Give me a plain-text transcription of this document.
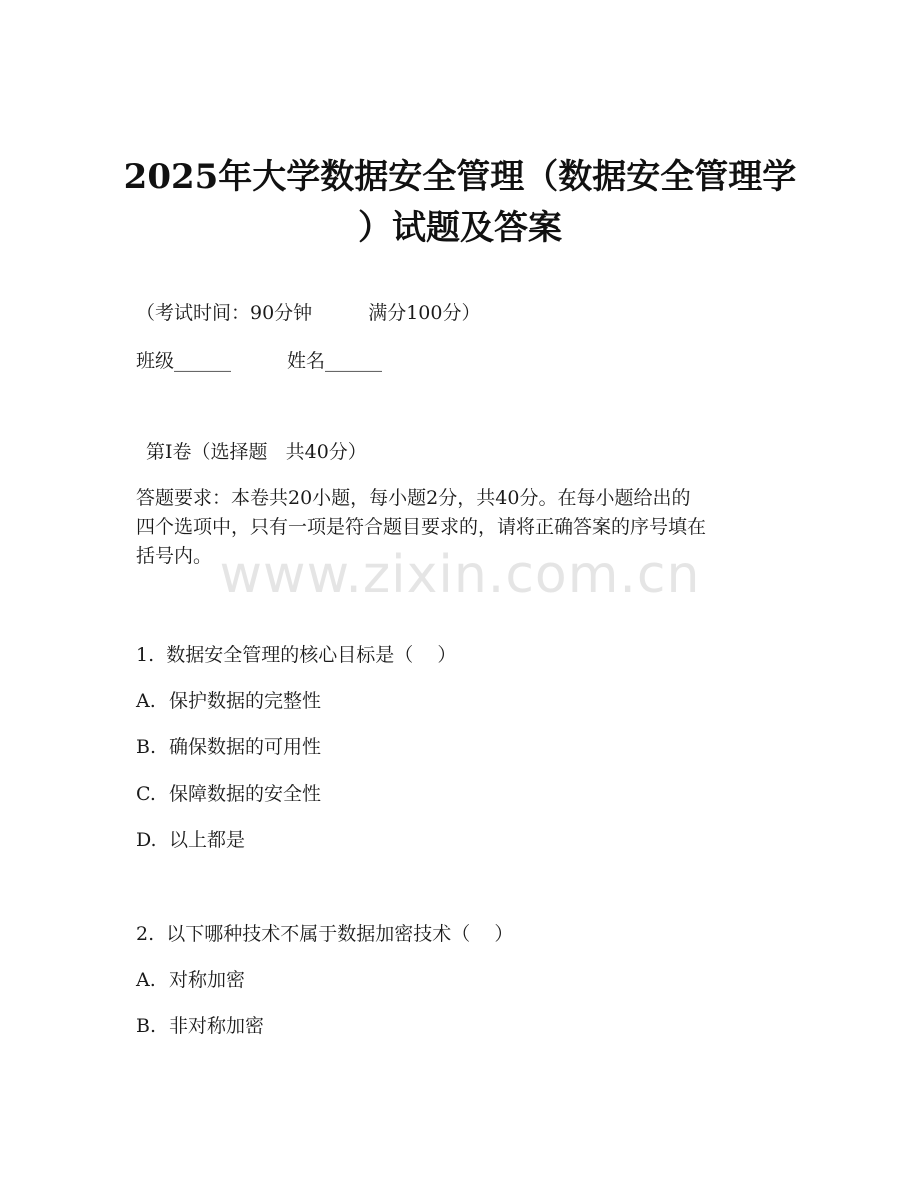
2025年大学数据安全管理（数据安全管理学
）试题及答案

（考试时间：90分钟	满分100分）

班级______	姓名______

第Ⅰ卷（选择题   共40分）

答题要求：本卷共20小题，每小题2分，共40分。在每小题给出的
四个选项中，只有一项是符合题目要求的，请将正确答案的序号填在
括号内。

1.  数据安全管理的核心目标是（    ）

A. 保护数据的完整性

B. 确保数据的可用性

C. 保障数据的安全性

D. 以上都是

2.  以下哪种技术不属于数据加密技术（    ）

A. 对称加密

B. 非对称加密

www.zixin.com.cn
